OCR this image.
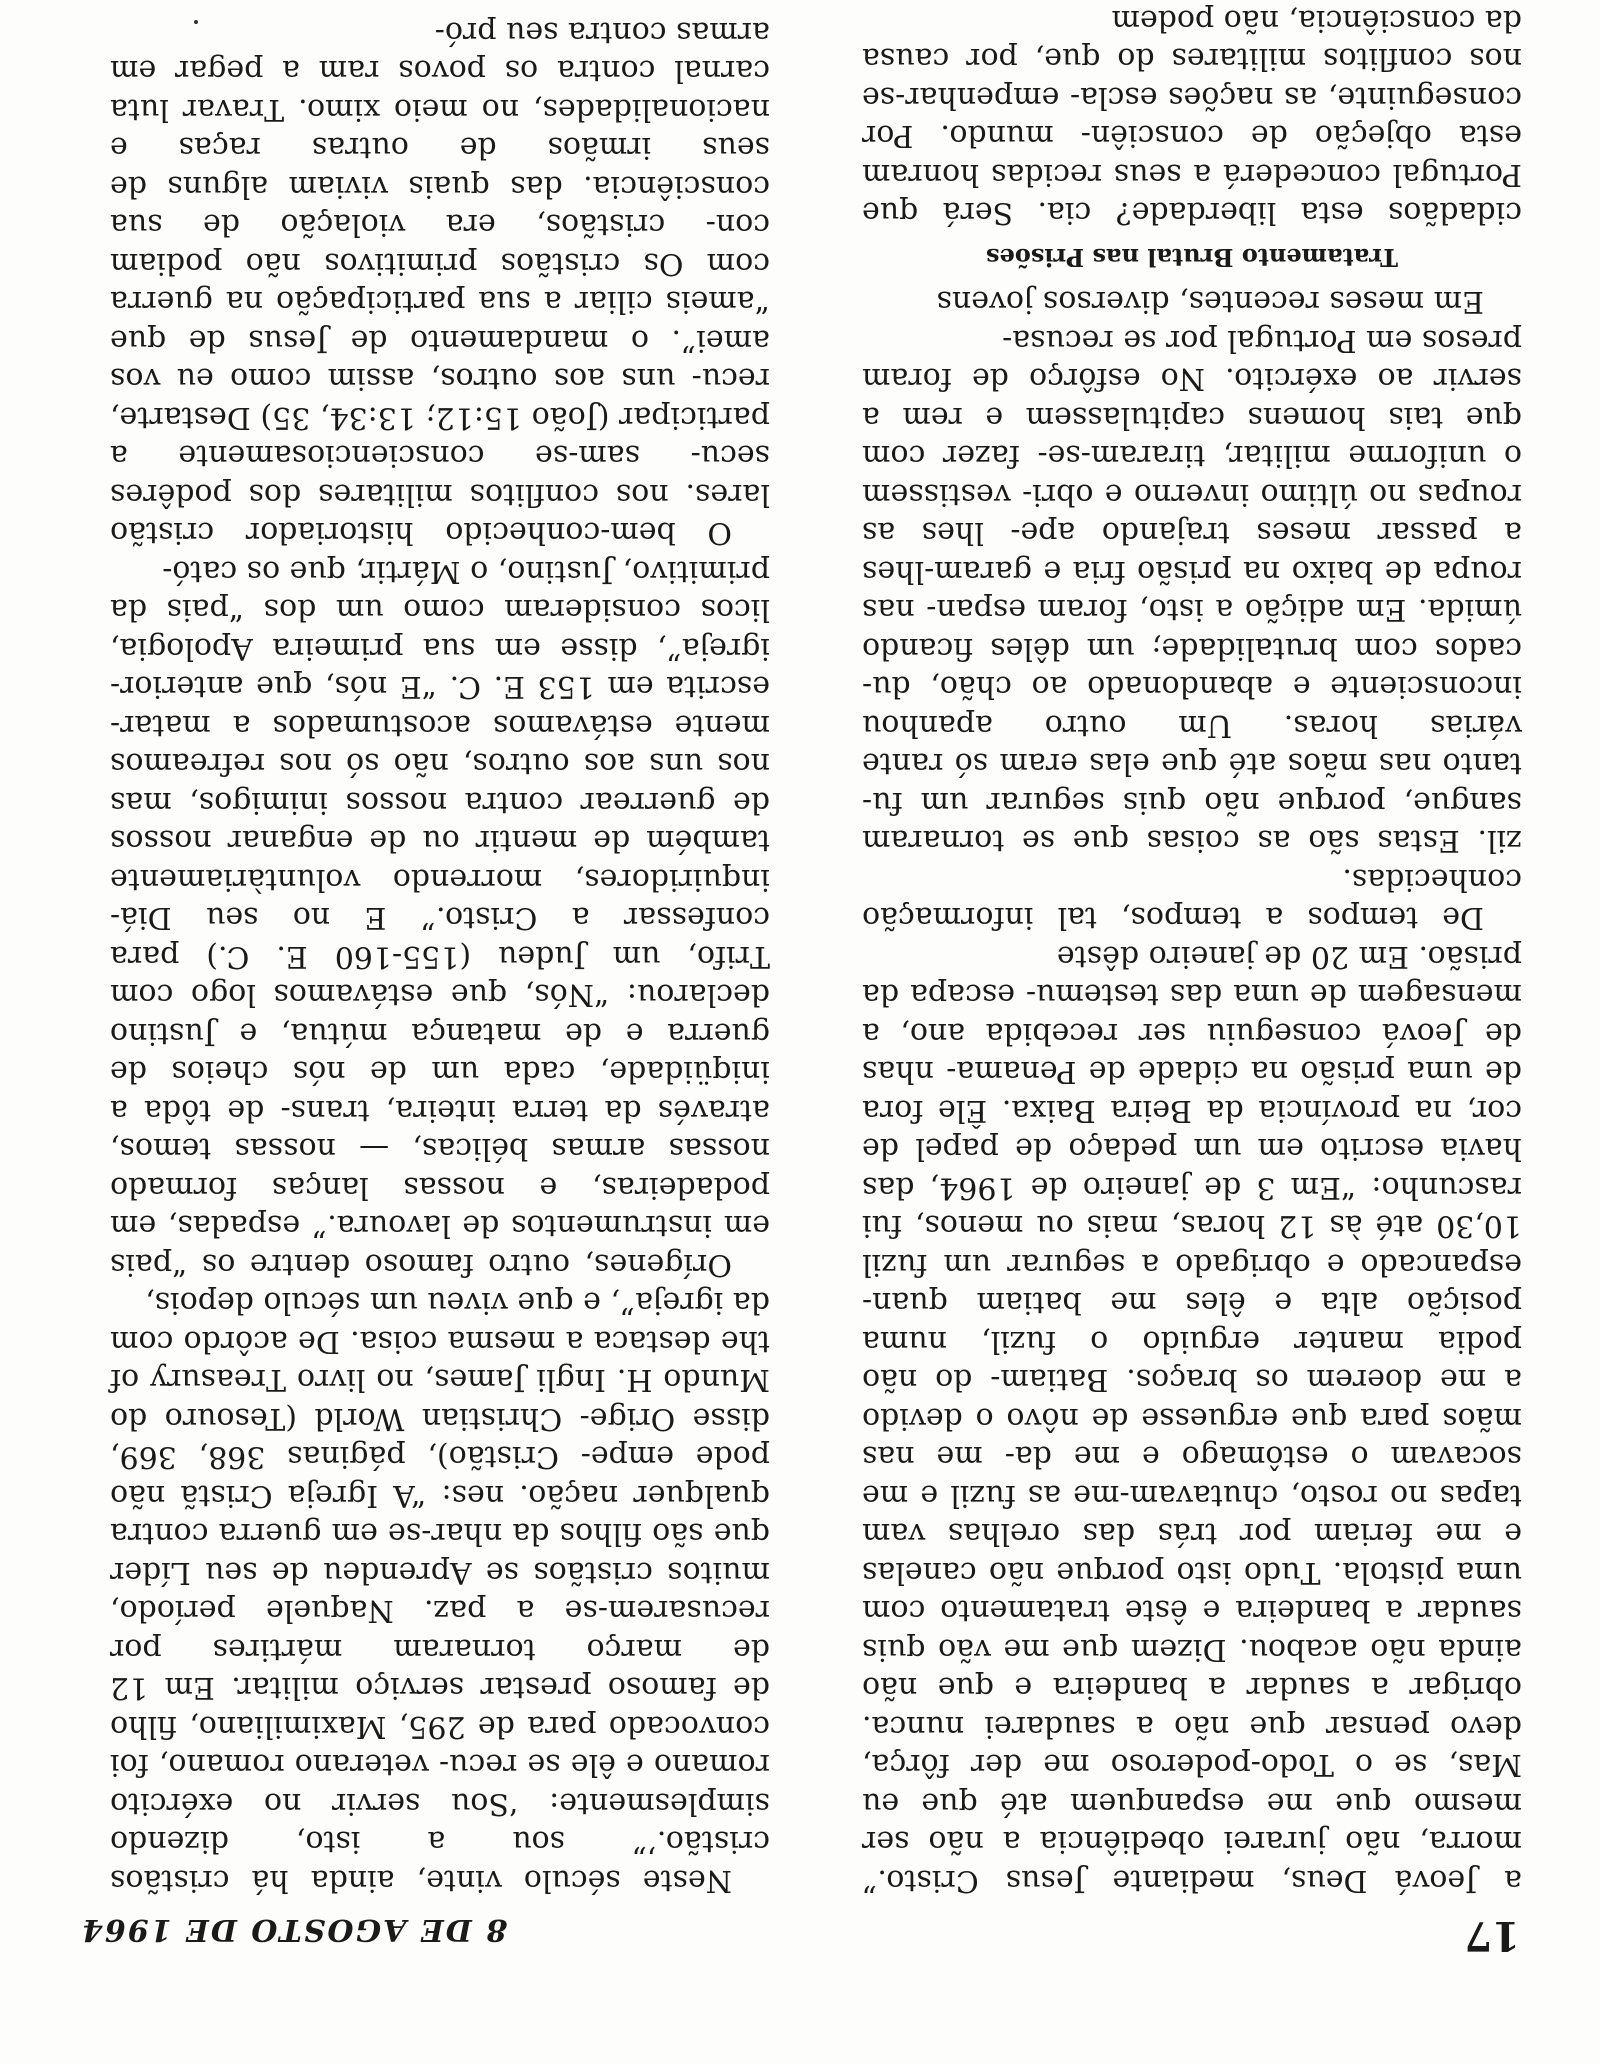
17
8 DE AGOSTO DE 1964

a Jeová Deus, mediante Jesus Cristo.” morra, não jurarei obediência a não ser mesmo que me espanquem até que eu Mas, se o Todo-poderoso me der fôrça, devo pensar que não a saudarei nunca. obrigar a saudar a bandeira e que não ainda não acabou. Dizem que me vão quis saudar a bandeira e êste tratamento com uma pistola. Tudo isto porque não canelas e me feriam por trás das orelhas vam tapas no rosto, chutavam-me as fuzil e me socavam o estômago e me da- me nas mãos para que erguesse de nôvo o devido a me doerem os braços. Batiam- do não podia manter erguido o fuzil, numa posição alta e êles me batiam quan- espancado e obrigado a segurar um fuzil 10,30 até às 12 horas, mais ou menos, fui rascunho: “Em 3 de janeiro de 1964, das havia escrito em um pedaço de papel de cor, na província da Beira Baixa. Êle fora de uma prisão na cidade de Penama- nhas de Jeová conseguiu ser recebida ano, a mensagem de uma das testemu- escapa da prisão. Em 20 de janeiro dêste

De tempos a tempos, tal informação conhecidas.

zil. Estas são as coisas que se tornaram sangue, porque não quis segurar um fu- tanto nas mãos até que elas eram só rante várias horas. Um outro apanhou inconsciente e abandonado ao chão, du- cados com brutalidade; um dêles ficando úmida. Em adição a isto, foram espan- nas roupa de baixo na prisão fria e garam-lhes a passar meses trajando ape- lhes as roupas no último inverno e obri- vestissem o uniforme militar, tiraram-se- fazer com que tais homens capitulassem e rem a servir ao exército. No esfôrço de foram presos em Portugal por se recusa-

Em meses recentes, diversos jovens

Tratamento Brutal nas Prisões

cidadãos esta liberdade? cia. Será que Portugal concederá a seus recidas honram esta objeção de consciên- mundo. Por conseguinte, as nações escla- empenhar-se nos conflitos militares do que, por causa da consciência, não podem

Neste século vinte, ainda há cristãos cristão.’” sou a isto, dizendo simplesmente: ‘Sou servir no exército romano e êle se recu- veterano romano, foi convocado para de 295, Maximiliano, filho de famoso prestar serviço militar. Em 12 de março tornaram mártires por recusarem-se a paz. Naquele período, muitos cristãos se Aprendeu de seu Líder que são filhos da nhar-se em guerra contra qualquer nação. nes: “A Igreja Cristã não pode empe- Cristão), páginas 368, 369, disse Orige- Christian World (Tesouro do Mundo H. Ingli James, no livro Treasury of the destaca a mesma coisa. De acôrdo com da igreja”, e que viveu um século depois,

Orígenes, outro famoso dentre os “pais em instrumentos de lavoura.” espadas, em podadeiras, e nossas lanças formado nossas armas bélicas, — nossas temos, através da terra inteira, trans- de tôda a iniqüidade, cada um de nós cheios de guerra e de matança mútua, e Justino declarou: “Nós, que estávamos logo com Trifo, um Judeu (155-160 E. C.) para confessar a Cristo.” E no seu Diá- inquiridores, morrendo voluntàriamente também de mentir ou de enganar nossos de guerrear contra nossos inimigos, mas nos uns aos outros, não só nos refreamos mente estávamos acostumados a matar- escrita em 153 E. C. “E nós, que anterior- igreja”, disse em sua primeira Apologia, licos consideram como um dos “pais da primitivo, Justino, o Mártir, que os cató-

O bem-conhecido historiador cristão lares. nos conflitos militares dos podêres secu- sam-se conscienciosamente a participar (João 15:12; 13:34, 35) Destarte, recu- uns aos outros, assim como eu vos amei”. o mandamento de Jesus de que “ameis ciliar a sua participação na guerra com Os cristãos primitivos não podiam con- cristãos, era violação de sua consciência. das quais viviam alguns de seus irmãos de outras raças e nacionalidades, no meio ximo. Travar luta carnal contra os povos ram a pegar em armas contra seu pró-
